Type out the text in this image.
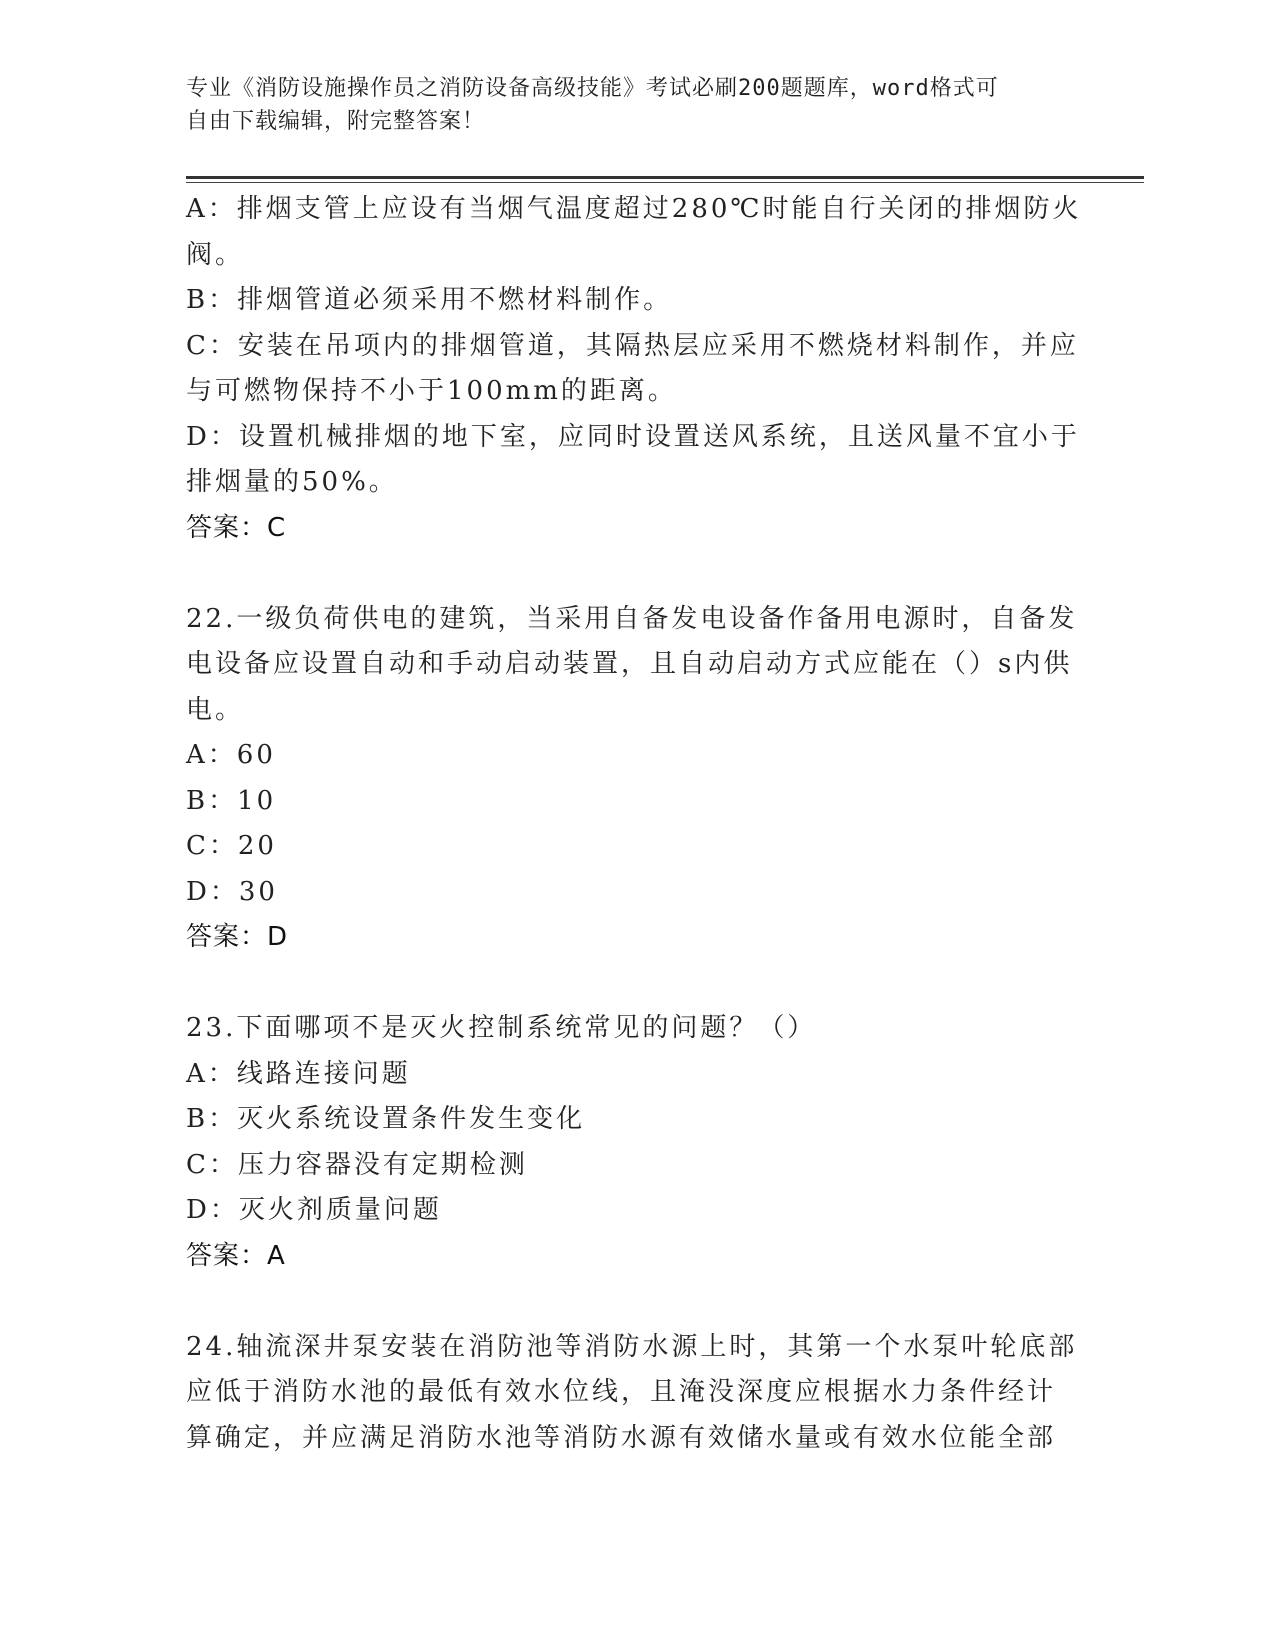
专业《消防设施操作员之消防设备高级技能》考试必刷200题题库，word格式可
自由下载编辑，附完整答案！
A：排烟支管上应设有当烟气温度超过280℃时能自行关闭的排烟防火
阀。
B：排烟管道必须采用不燃材料制作。
C：安装在吊项内的排烟管道，其隔热层应采用不燃烧材料制作，并应
与可燃物保持不小于100mm的距离。
D：设置机械排烟的地下室，应同时设置送风系统，且送风量不宜小于
排烟量的50%。
答案：C
22.一级负荷供电的建筑，当采用自备发电设备作备用电源时，自备发
电设备应设置自动和手动启动装置，且自动启动方式应能在（）s内供
电。
A：60
B：10
C：20
D：30
答案：D
23.下面哪项不是灭火控制系统常见的问题？（）
A：线路连接问题
B：灭火系统设置条件发生变化
C：压力容器没有定期检测
D：灭火剂质量问题
答案：A
24.轴流深井泵安装在消防池等消防水源上时，其第一个水泵叶轮底部
应低于消防水池的最低有效水位线，且淹没深度应根据水力条件经计
算确定，并应满足消防水池等消防水源有效储水量或有效水位能全部
